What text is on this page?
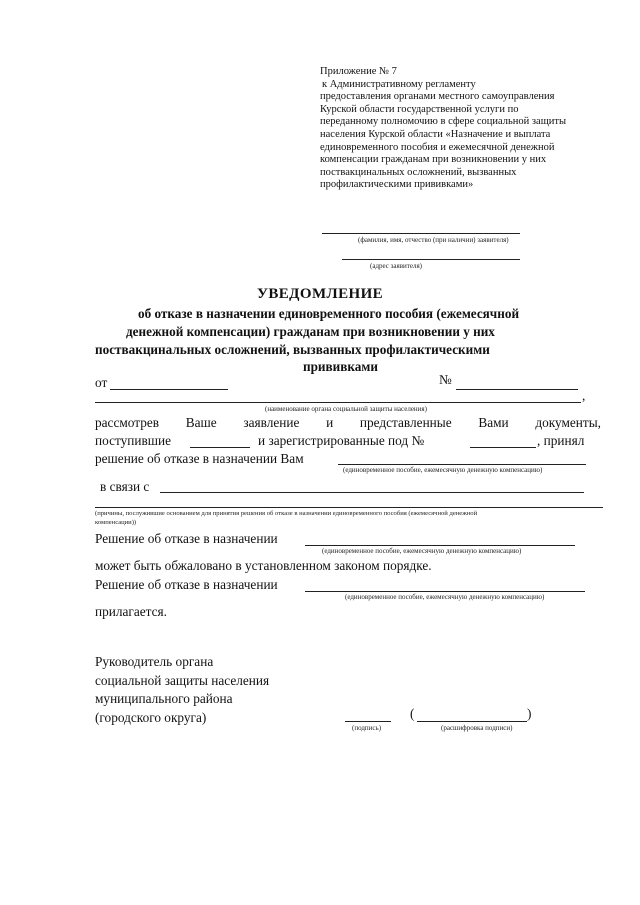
Приложение № 7
к Административному регламенту
предоставления органами местного самоуправления
Курской области государственной услуги по
переданному полномочию в сфере социальной защиты
населения Курской области «Назначение и выплата
единовременного пособия и ежемесячной денежной
компенсации гражданам при возникновении у них
поствакцинальных осложнений, вызванных
профилактическими прививками»
(фамилия, имя, отчество (при наличии) заявителя)
(адрес заявителя)
УВЕДОМЛЕНИЕ
об отказе в назначении единовременного пособия (ежемесячной
денежной компенсации) гражданам при возникновении у них
поствакцинальных осложнений, вызванных профилактическими
прививками
от	№
,
(наименование органа социальной защиты населения)
рассмотрев Ваше заявление и представленные Вами документы,
поступившие	и зарегистрированные под №	, принял
решение об отказе в назначении Вам
(единовременное пособие, ежемесячную денежную компенсацию)
в связи с
(причины, послужившие основанием для принятия решения об отказе в назначении единовременного пособия (ежемесячной денежной
компенсации))
Решение об отказе в назначении
(единовременное пособие, ежемесячную денежную компенсацию)
может быть обжаловано в установленном законом порядке.
Решение об отказе в назначении
(единовременное пособие, ежемесячную денежную компенсацию)
прилагается.
Руководитель органа
социальной защиты населения
муниципального района
(городского округа)
(подпись)
(	)
(расшифровка подписи)
